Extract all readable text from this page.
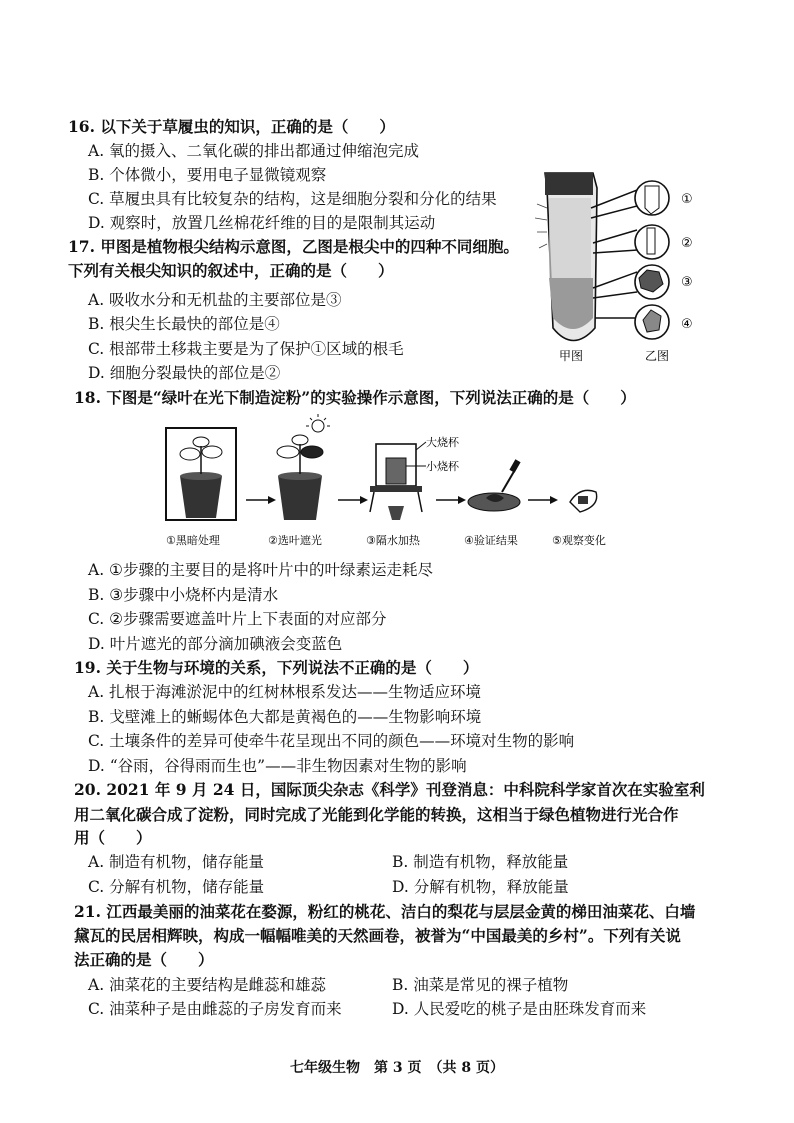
16. 以下关于草履虫的知识，正确的是（　　）
A. 氧的摄入、二氧化碳的排出都通过伸缩泡完成
B. 个体微小，要用电子显微镜观察
C. 草履虫具有比较复杂的结构，这是细胞分裂和分化的结果
D. 观察时，放置几丝棉花纤维的目的是限制其运动
17. 甲图是植物根尖结构示意图，乙图是根尖中的四种不同细胞。
下列有关根尖知识的叙述中，正确的是（　　）
A. 吸收水分和无机盐的主要部位是③
B. 根尖生长最快的部位是④
C. 根部带土移栽主要是为了保护①区域的根毛
D. 细胞分裂最快的部位是②
①
②
③
④
甲图	乙图
18. 下图是“绿叶在光下制造淀粉”的实验操作示意图，下列说法正确的是（　　）
大烧杯
小烧杯
①黑暗处理	②选叶遮光	③隔水加热	④验证结果	⑤观察变化
A. ①步骤的主要目的是将叶片中的叶绿素运走耗尽
B. ③步骤中小烧杯内是清水
C. ②步骤需要遮盖叶片上下表面的对应部分
D. 叶片遮光的部分滴加碘液会变蓝色
19. 关于生物与环境的关系，下列说法不正确的是（　　）
A. 扎根于海滩淤泥中的红树林根系发达——生物适应环境
B. 戈壁滩上的蜥蜴体色大都是黄褐色的——生物影响环境
C. 土壤条件的差异可使牵牛花呈现出不同的颜色——环境对生物的影响
D. “谷雨，谷得雨而生也”——非生物因素对生物的影响
20. 2021 年 9 月 24 日，国际顶尖杂志《科学》刊登消息：中科院科学家首次在实验室利
用二氧化碳合成了淀粉，同时完成了光能到化学能的转换，这相当于绿色植物进行光合作
用（　　）
A. 制造有机物，储存能量	B. 制造有机物，释放能量
C. 分解有机物，储存能量	D. 分解有机物，释放能量
21. 江西最美丽的油菜花在婺源，粉红的桃花、洁白的梨花与层层金黄的梯田油菜花、白墙
黛瓦的民居相辉映，构成一幅幅唯美的天然画卷，被誉为“中国最美的乡村”。下列有关说
法正确的是（　　）
A. 油菜花的主要结构是雌蕊和雄蕊	B. 油菜是常见的裸子植物
C. 油菜种子是由雌蕊的子房发育而来	D. 人民爱吃的桃子是由胚珠发育而来
七年级生物　第 3 页　（共 8 页）
